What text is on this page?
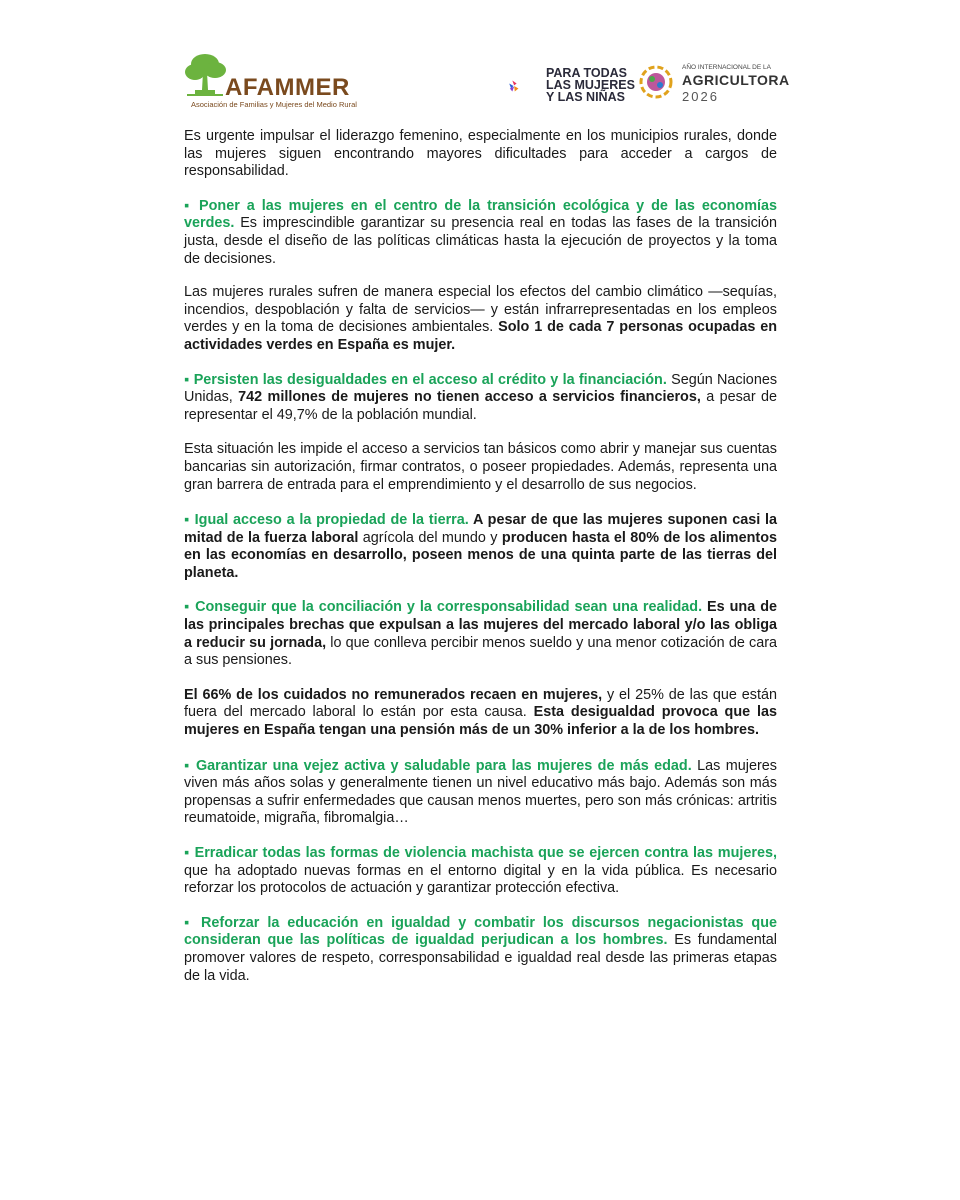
AFAMMER
Asociación de Familias y Mujeres del Medio Rural
PARA TODAS
LAS MUJERES
Y LAS NIÑAS
AÑO INTERNACIONAL DE LA
AGRICULTORA
2026

Es urgente impulsar el liderazgo femenino, especialmente en los municipios rurales, donde las mujeres siguen encontrando mayores dificultades para acceder a cargos de responsabilidad.

▪ Poner a las mujeres en el centro de la transición ecológica y de las economías verdes. Es imprescindible garantizar su presencia real en todas las fases de la transición justa, desde el diseño de las políticas climáticas hasta la ejecución de proyectos y la toma de decisiones.

Las mujeres rurales sufren de manera especial los efectos del cambio climático —sequías, incendios, despoblación y falta de servicios— y están infrarrepresentadas en los empleos verdes y en la toma de decisiones ambientales. Solo 1 de cada 7 personas ocupadas en actividades verdes en España es mujer.

▪ Persisten las desigualdades en el acceso al crédito y la financiación. Según Naciones Unidas, 742 millones de mujeres no tienen acceso a servicios financieros, a pesar de representar el 49,7% de la población mundial.

Esta situación les impide el acceso a servicios tan básicos como abrir y manejar sus cuentas bancarias sin autorización, firmar contratos, o poseer propiedades. Además, representa una gran barrera de entrada para el emprendimiento y el desarrollo de sus negocios.

▪ Igual acceso a la propiedad de la tierra. A pesar de que las mujeres suponen casi la mitad de la fuerza laboral agrícola del mundo y producen hasta el 80% de los alimentos en las economías en desarrollo, poseen menos de una quinta parte de las tierras del planeta.

▪ Conseguir que la conciliación y la corresponsabilidad sean una realidad. Es una de las principales brechas que expulsan a las mujeres del mercado laboral y/o las obliga a reducir su jornada, lo que conlleva percibir menos sueldo y una menor cotización de cara a sus pensiones.

El 66% de los cuidados no remunerados recaen en mujeres, y el 25% de las que están fuera del mercado laboral lo están por esta causa. Esta desigualdad provoca que las mujeres en España tengan una pensión más de un 30% inferior a la de los hombres.

▪ Garantizar una vejez activa y saludable para las mujeres de más edad. Las mujeres viven más años solas y generalmente tienen un nivel educativo más bajo. Además son más propensas a sufrir enfermedades que causan menos muertes, pero son más crónicas: artritis reumatoide, migraña, fibromalgia…

▪ Erradicar todas las formas de violencia machista que se ejercen contra las mujeres, que ha adoptado nuevas formas en el entorno digital y en la vida pública. Es necesario reforzar los protocolos de actuación y garantizar protección efectiva.

▪ Reforzar la educación en igualdad y combatir los discursos negacionistas que consideran que las políticas de igualdad perjudican a los hombres. Es fundamental promover valores de respeto, corresponsabilidad e igualdad real desde las primeras etapas de la vida.
